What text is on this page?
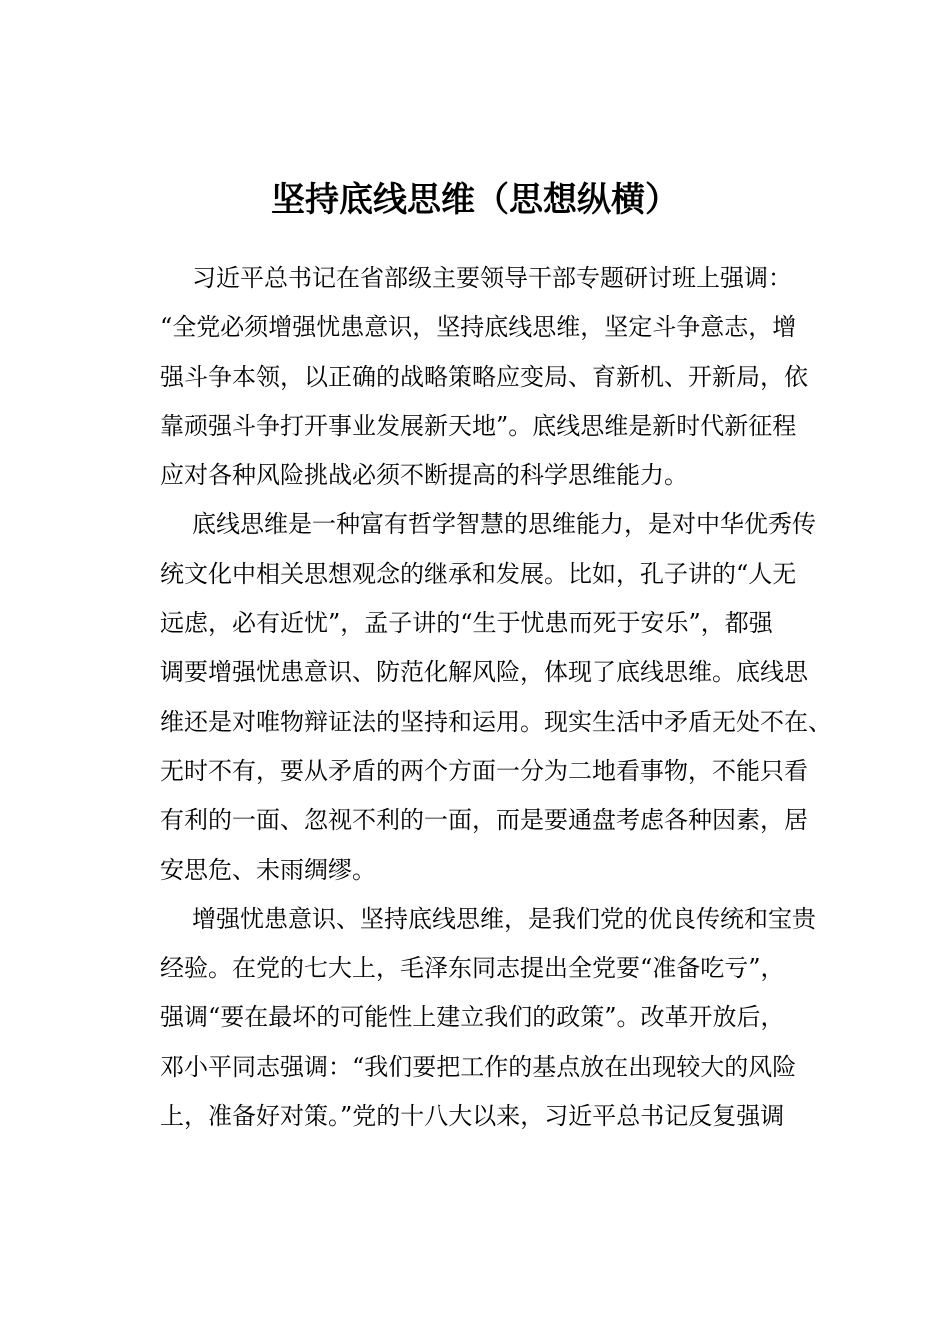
坚持底线思维（思想纵横）
习近平总书记在省部级主要领导干部专题研讨班上强调：
“全党必须增强忧患意识，坚持底线思维，坚定斗争意志，增
强斗争本领，以正确的战略策略应变局、育新机、开新局，依
靠顽强斗争打开事业发展新天地”。底线思维是新时代新征程
应对各种风险挑战必须不断提高的科学思维能力。
底线思维是一种富有哲学智慧的思维能力，是对中华优秀传
统文化中相关思想观念的继承和发展。比如，孔子讲的“人无
远虑，必有近忧”，孟子讲的“生于忧患而死于安乐”，都强
调要增强忧患意识、防范化解风险，体现了底线思维。底线思
维还是对唯物辩证法的坚持和运用。现实生活中矛盾无处不在、
无时不有，要从矛盾的两个方面一分为二地看事物，不能只看
有利的一面、忽视不利的一面，而是要通盘考虑各种因素，居
安思危、未雨绸缪。
增强忧患意识、坚持底线思维，是我们党的优良传统和宝贵
经验。在党的七大上，毛泽东同志提出全党要“准备吃亏”，
强调“要在最坏的可能性上建立我们的政策”。改革开放后，
邓小平同志强调：“我们要把工作的基点放在出现较大的风险
上，准备好对策。”党的十八大以来，习近平总书记反复强调
